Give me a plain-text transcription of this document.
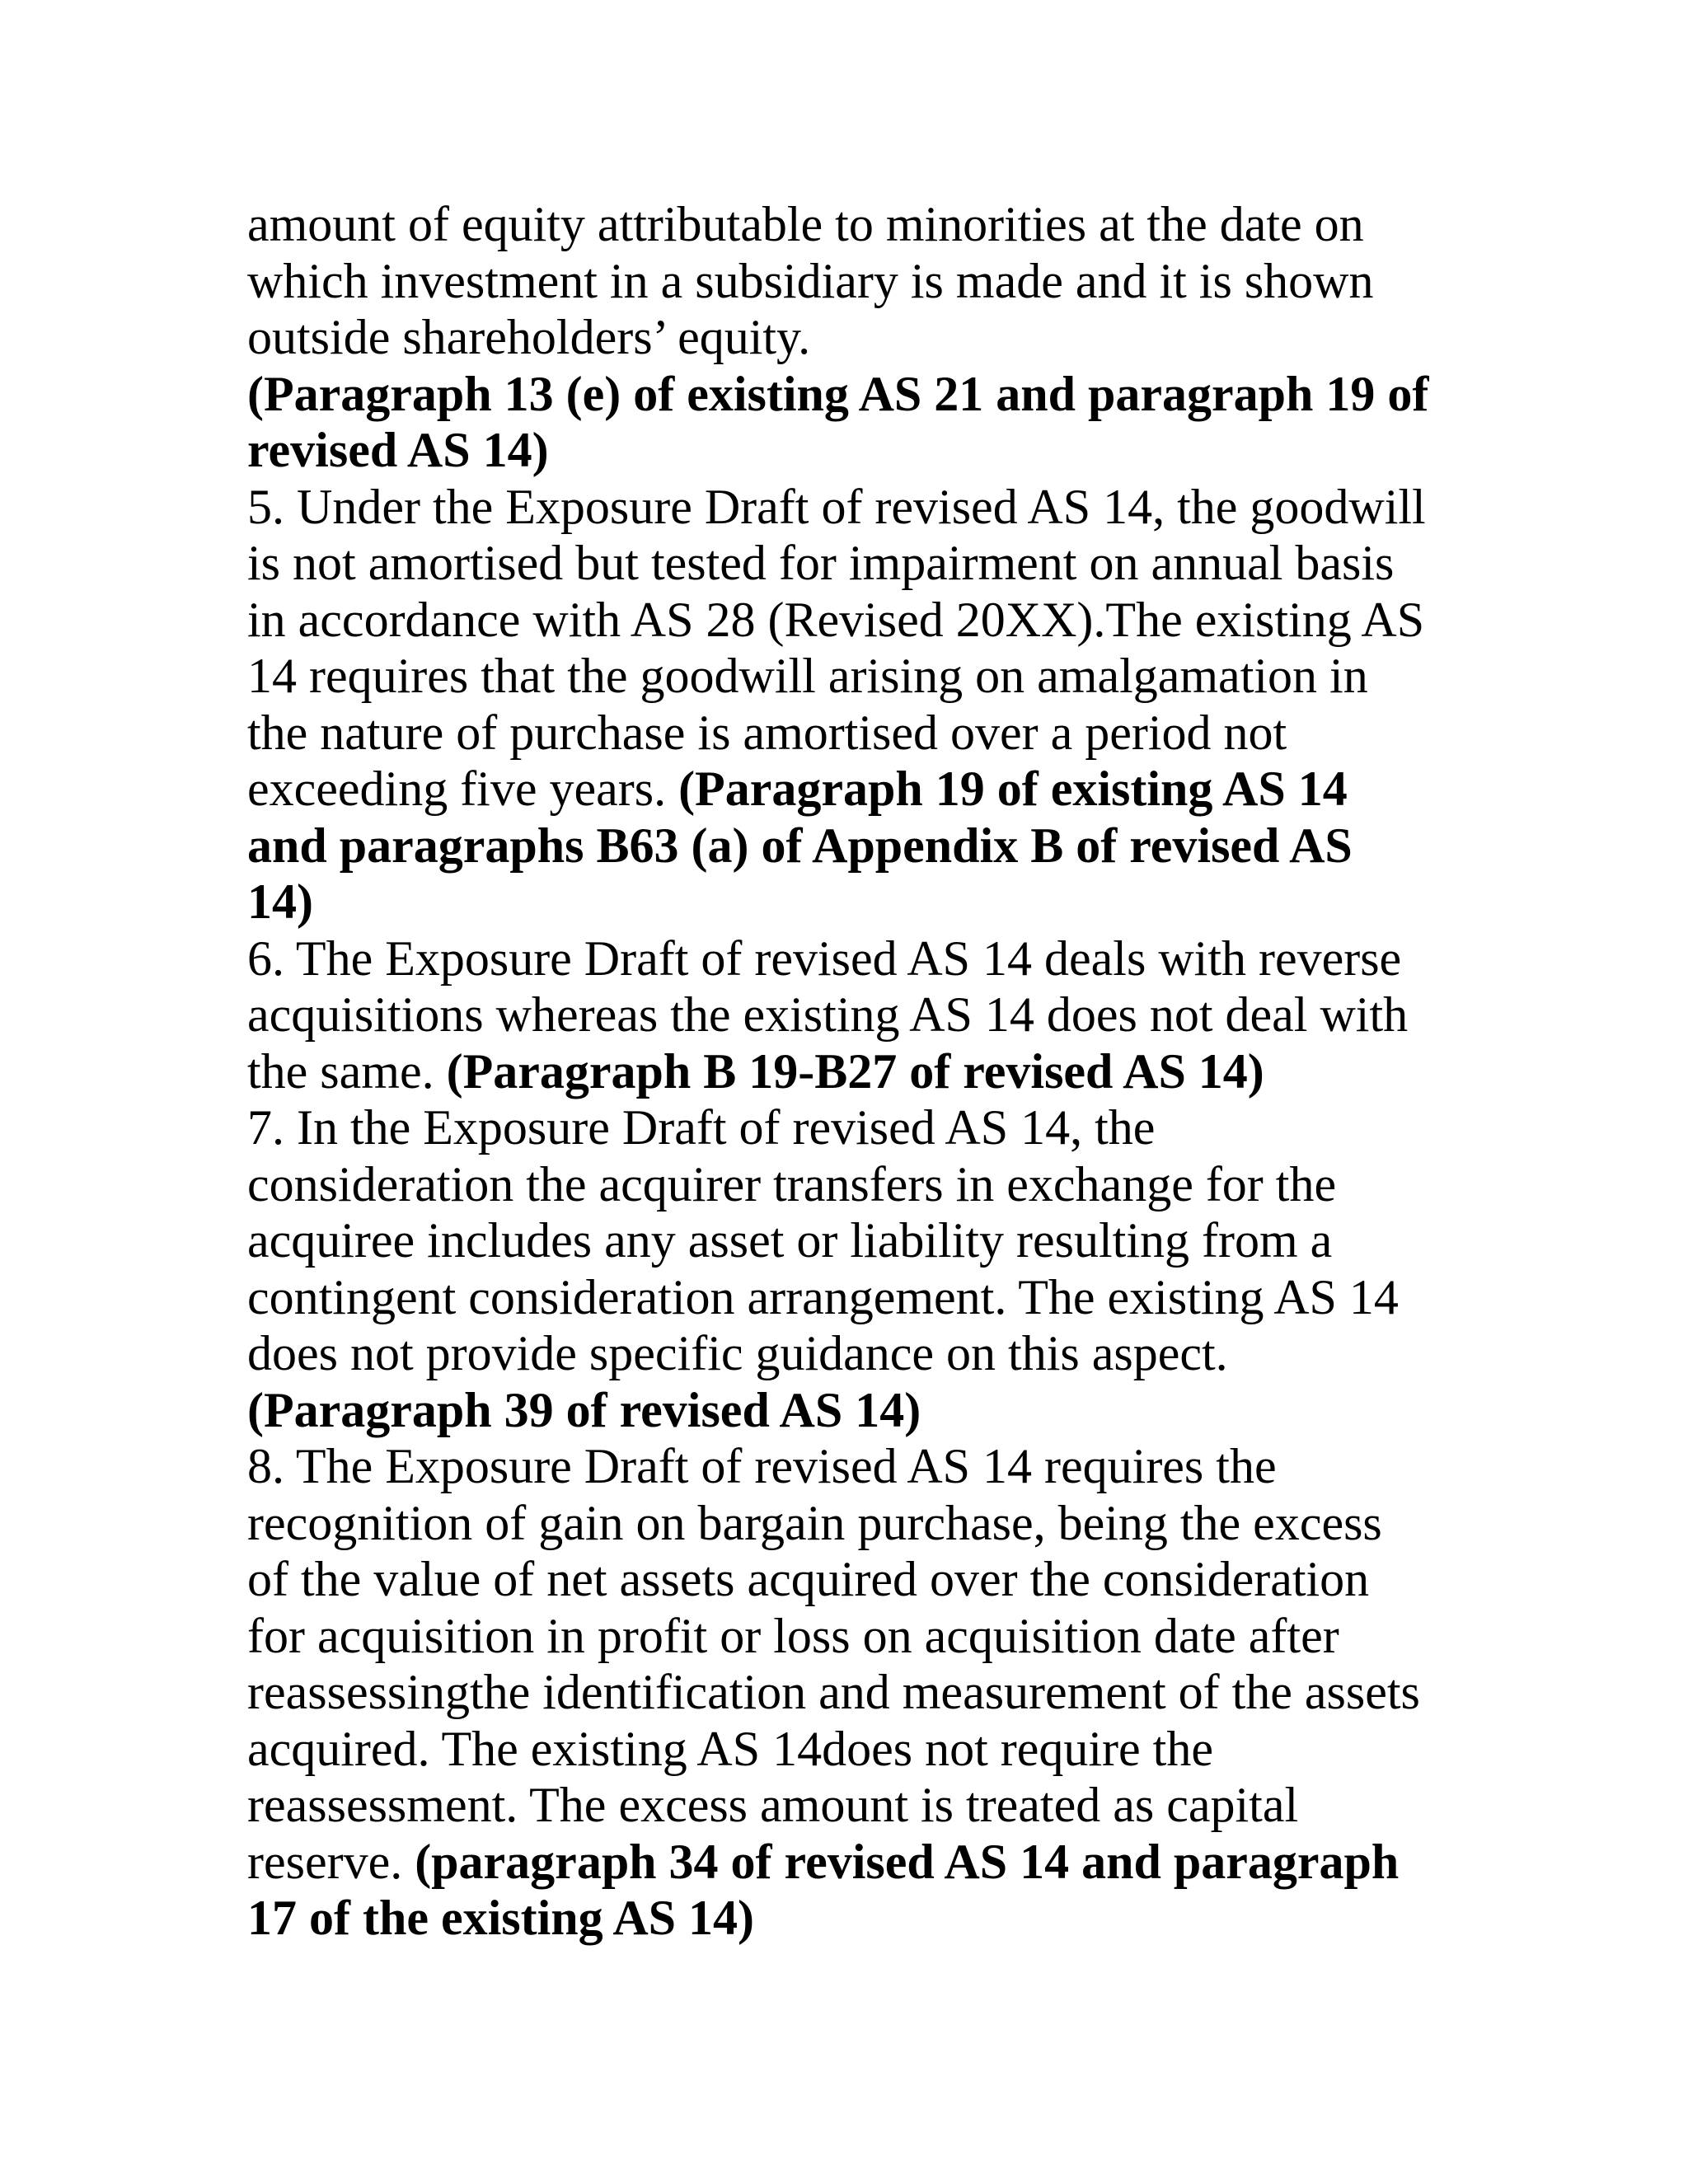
amount of equity attributable to minorities at the date on
which investment in a subsidiary is made and it is shown
outside shareholders’ equity.
(Paragraph 13 (e) of existing AS 21 and paragraph 19 of
revised AS 14)
5. Under the Exposure Draft of revised AS 14, the goodwill
is not amortised but tested for impairment on annual basis
in accordance with AS 28 (Revised 20XX).The existing AS
14 requires that the goodwill arising on amalgamation in
the nature of purchase is amortised over a period not
exceeding five years. (Paragraph 19 of existing AS 14
and paragraphs B63 (a) of Appendix B of revised AS
14)
6. The Exposure Draft of revised AS 14 deals with reverse
acquisitions whereas the existing AS 14 does not deal with
the same. (Paragraph B 19-B27 of revised AS 14)
7. In the Exposure Draft of revised AS 14, the
consideration the acquirer transfers in exchange for the
acquiree includes any asset or liability resulting from a
contingent consideration arrangement. The existing AS 14
does not provide specific guidance on this aspect.
(Paragraph 39 of revised AS 14)
8. The Exposure Draft of revised AS 14 requires the
recognition of gain on bargain purchase, being the excess
of the value of net assets acquired over the consideration
for acquisition in profit or loss on acquisition date after
reassessingthe identification and measurement of the assets
acquired. The existing AS 14does not require the
reassessment. The excess amount is treated as capital
reserve. (paragraph 34 of revised AS 14 and paragraph
17 of the existing AS 14)
